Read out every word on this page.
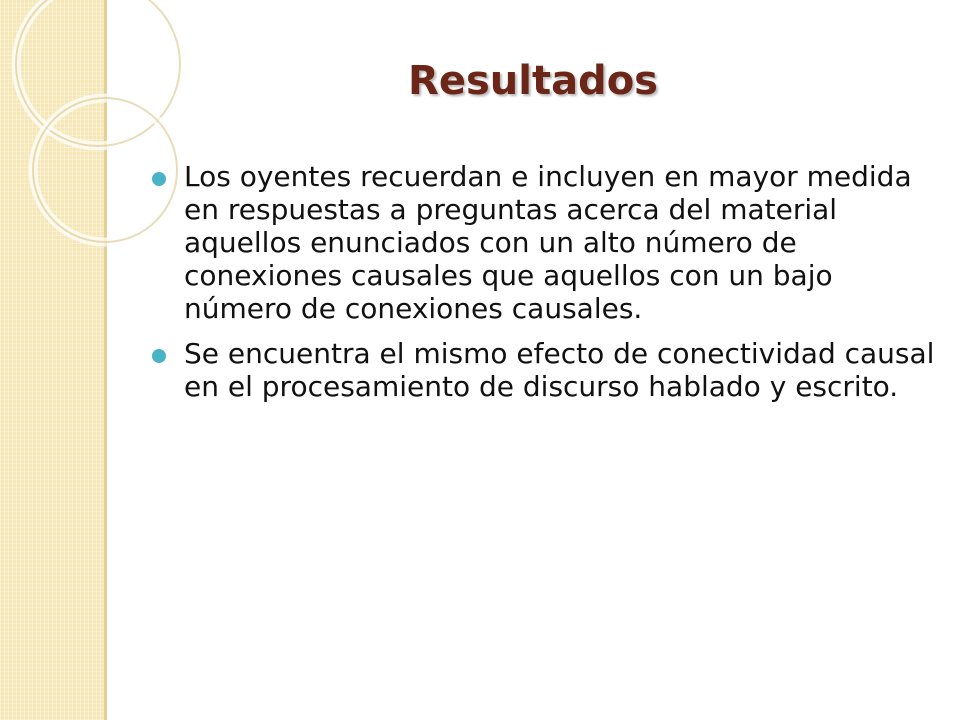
Resultados
Los oyentes recuerdan e incluyen en mayor medida en respuestas a preguntas acerca del material aquellos enunciados con un alto número de conexiones causales que aquellos con un bajo número de conexiones causales.
Se encuentra el mismo efecto de conectividad causal en el procesamiento de discurso hablado y escrito.
